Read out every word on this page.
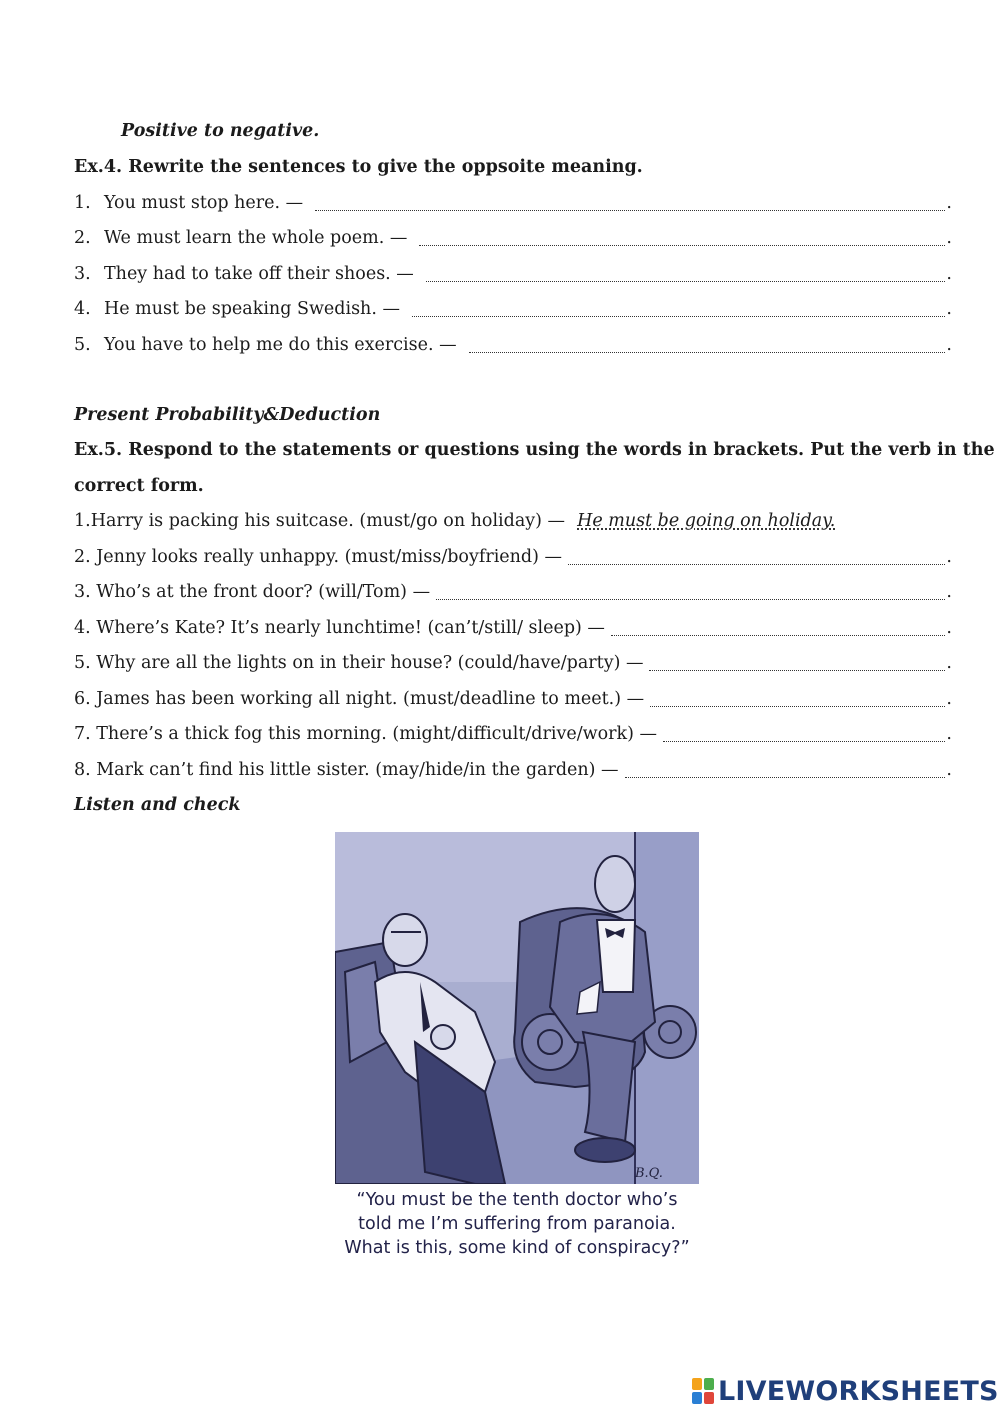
Positive to negative.
Ex.4. Rewrite the sentences to give the oppsoite meaning.
1. You must stop here. —	.
2. We must learn the whole poem. —	.
3. They had to take off their shoes. —	.
4. He must be speaking Swedish. —	.
5. You have to help me do this exercise. —	.
Present Probability&Deduction
Ex.5. Respond to the statements or questions using the words in brackets. Put the verb in the
correct form.
1.Harry is packing his suitcase. (must/go on holiday) — He must be going on holiday.
2. Jenny looks really unhappy. (must/miss/boyfriend) —	.
3. Who’s at the front door? (will/Tom) —	.
4. Where’s Kate? It’s nearly lunchtime! (can’t/still/ sleep) —	.
5. Why are all the lights on in their house? (could/have/party) —	.
6. James has been working all night. (must/deadline to meet.) —	.
7. There’s a thick fog this morning. (might/difficult/drive/work) —	.
8. Mark can’t find his little sister. (may/hide/in the garden) —	.
Listen and check
B.Q.
“You must be the tenth doctor who’s
told me I’m suffering from paranoia.
What is this, some kind of conspiracy?”
LIVEWORKSHEETS
